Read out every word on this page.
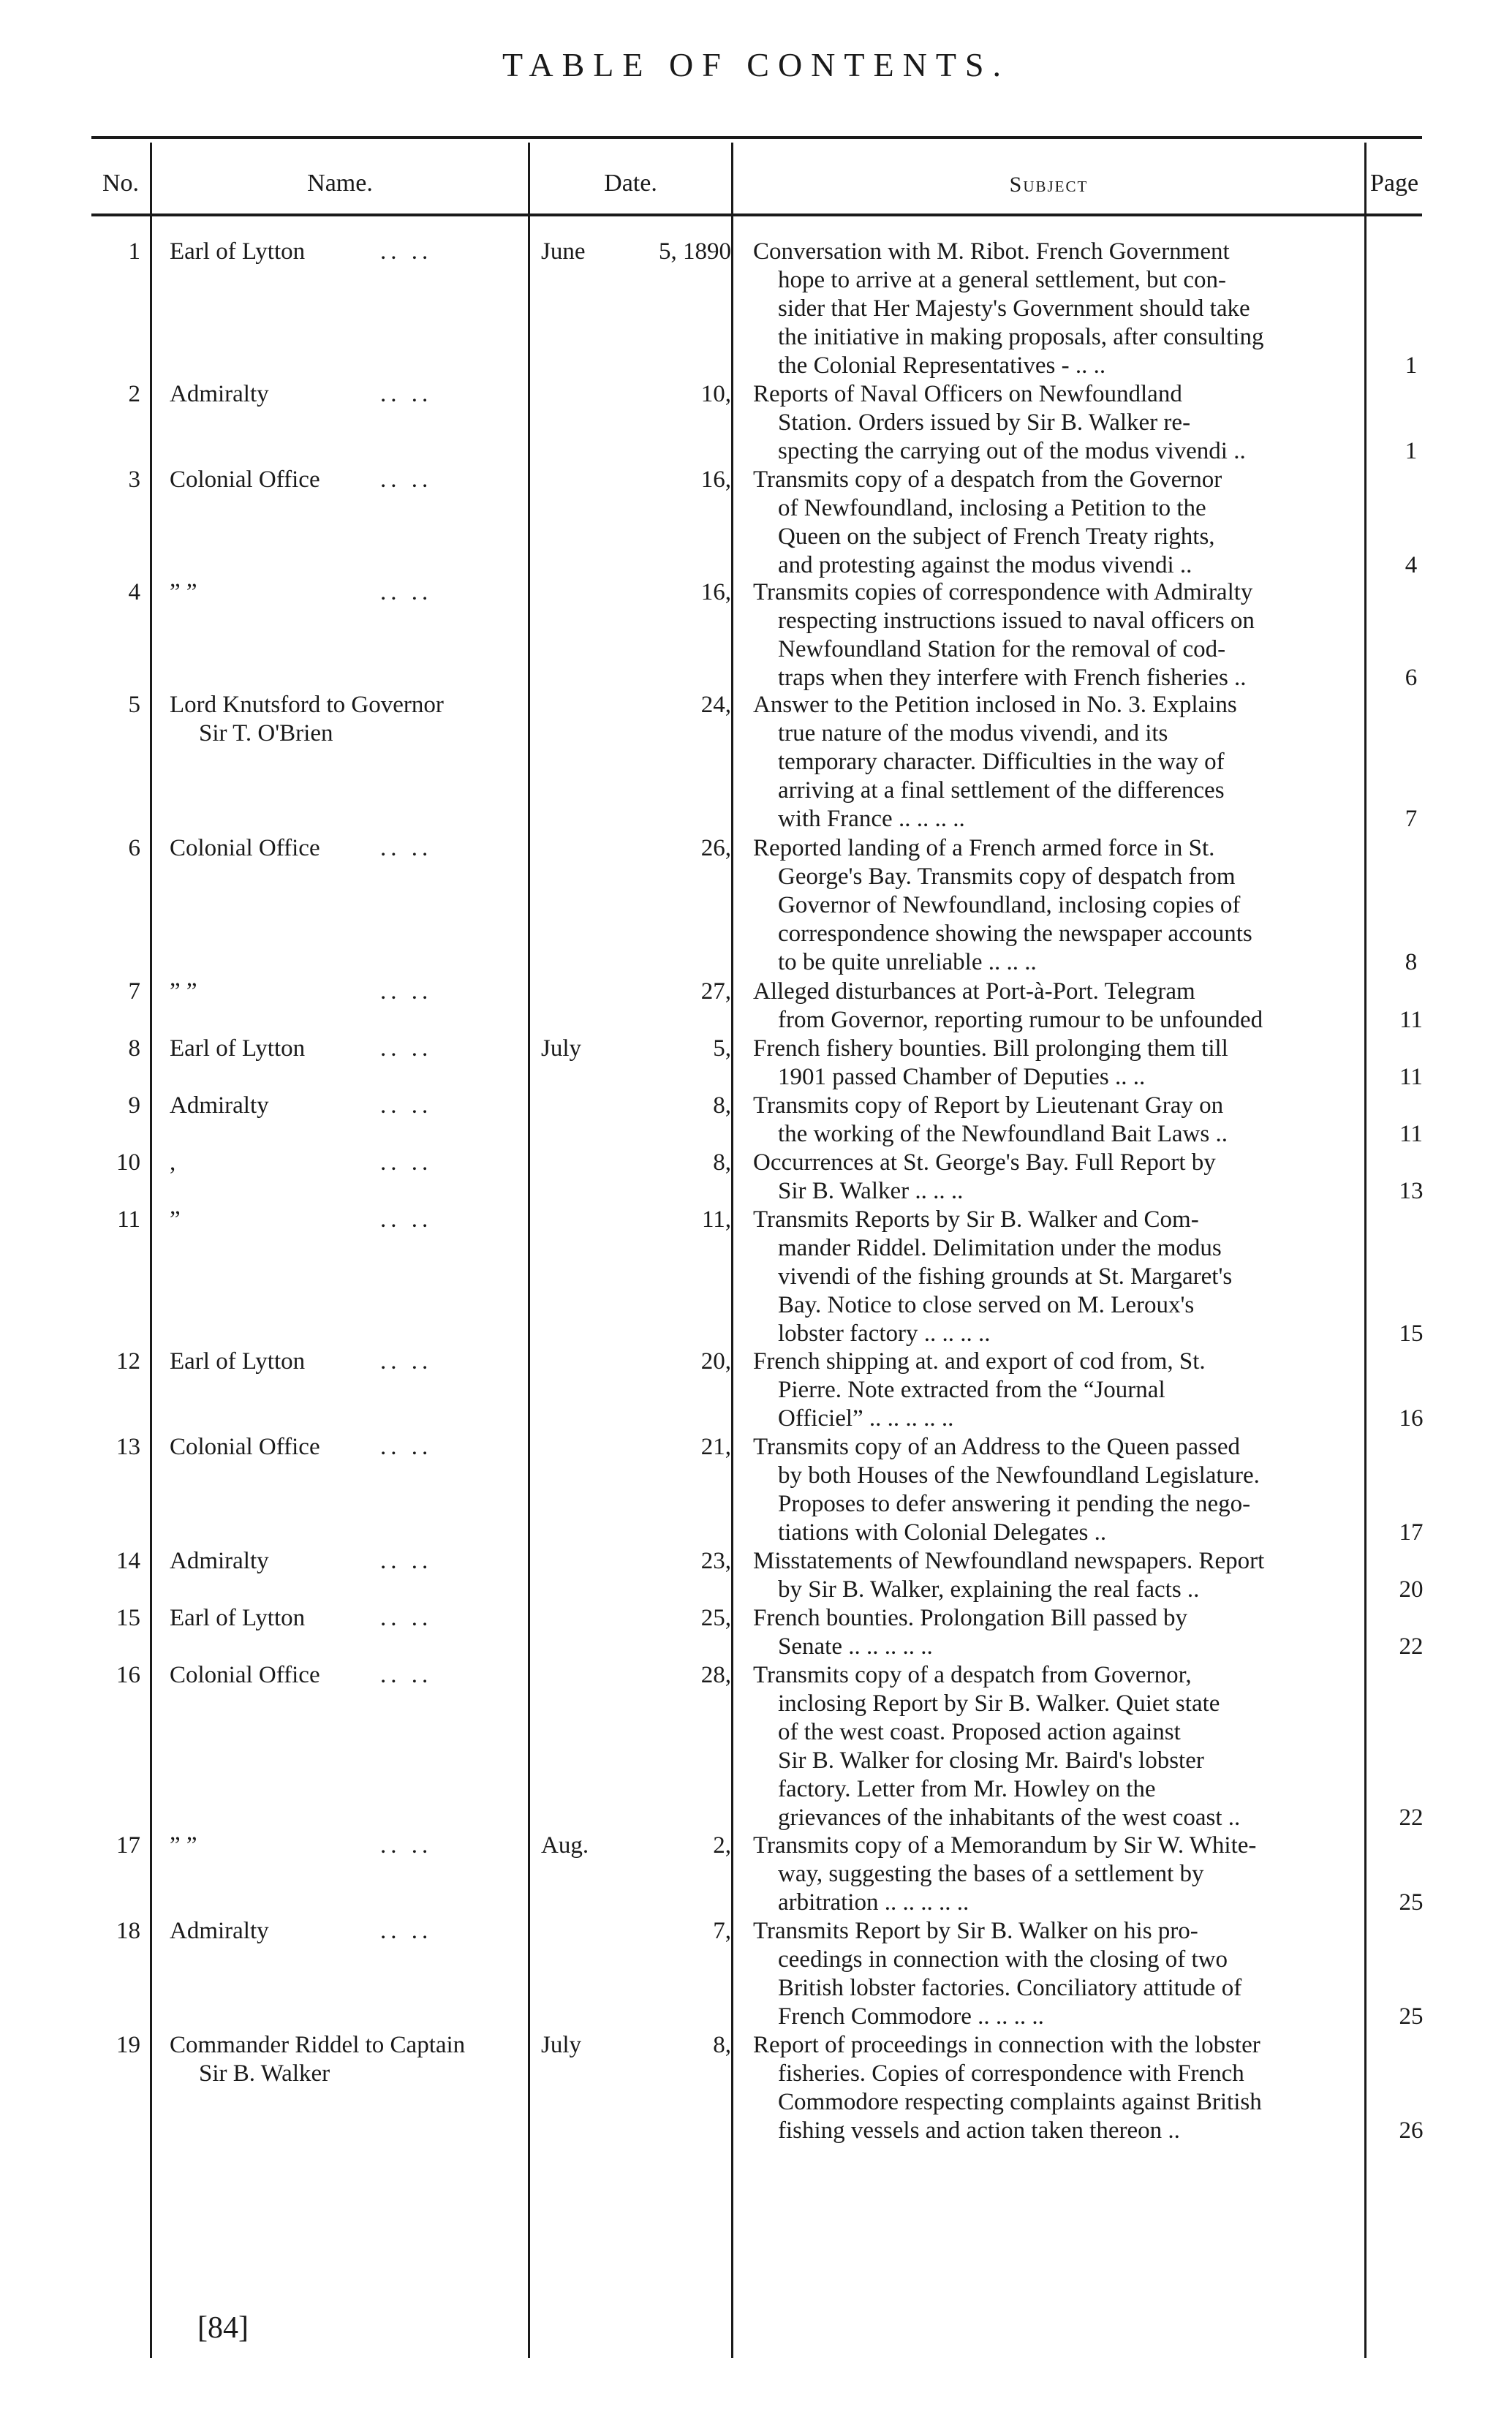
TABLE OF CONTENTS.
No.	Name.	Date.	Subject	Page
1 Earl of Lytton	.. ..	June	5, 1890 Conversation with M. Ribot. French Government
hope to arrive at a general settlement, but con-
sider that Her Majesty's Government should take
the initiative in making proposals, after consulting
the Colonial Representatives - .. ..	1
2 Admiralty	.. ..	10, Reports of Naval Officers on Newfoundland
Station. Orders issued by Sir B. Walker re-
specting the carrying out of the modus vivendi ..	1
3 Colonial Office	.. ..	16, Transmits copy of a despatch from the Governor
of Newfoundland, inclosing a Petition to the
Queen on the subject of French Treaty rights,
and protesting against the modus vivendi ..	4
4 ” ”	.. ..	16, Transmits copies of correspondence with Admiralty
respecting instructions issued to naval officers on
Newfoundland Station for the removal of cod-
traps when they interfere with French fisheries ..	6
5 Lord Knutsford to Governor
Sir T. O'Brien
24, Answer to the Petition inclosed in No. 3. Explains
true nature of the modus vivendi, and its
temporary character. Difficulties in the way of
arriving at a final settlement of the differences
with France .. .. .. ..	7
6 Colonial Office	.. ..	26, Reported landing of a French armed force in St.
George's Bay. Transmits copy of despatch from
Governor of Newfoundland, inclosing copies of
correspondence showing the newspaper accounts
to be quite unreliable .. .. ..	8
7 ” ”	.. ..	27, Alleged disturbances at Port-à-Port. Telegram
from Governor, reporting rumour to be unfounded	11
8 Earl of Lytton	.. ..	July	5, French fishery bounties. Bill prolonging them till
1901 passed Chamber of Deputies .. ..	11
9 Admiralty	.. ..	8, Transmits copy of Report by Lieutenant Gray on
the working of the Newfoundland Bait Laws ..	11
10 ,	.. ..	8, Occurrences at St. George's Bay. Full Report by
Sir B. Walker .. .. ..	13
11 ”	.. ..	11, Transmits Reports by Sir B. Walker and Com-
mander Riddel. Delimitation under the modus
vivendi of the fishing grounds at St. Margaret's
Bay. Notice to close served on M. Leroux's
lobster factory .. .. .. ..	15
12 Earl of Lytton	.. ..	20, French shipping at. and export of cod from, St.
Pierre. Note extracted from the “Journal
Officiel” .. .. .. .. ..	16
13 Colonial Office	.. ..	21, Transmits copy of an Address to the Queen passed
by both Houses of the Newfoundland Legislature.
Proposes to defer answering it pending the nego-
tiations with Colonial Delegates ..	17
14 Admiralty	.. ..	23, Misstatements of Newfoundland newspapers. Report
by Sir B. Walker, explaining the real facts ..	20
15 Earl of Lytton	.. ..	25, French bounties. Prolongation Bill passed by
Senate .. .. .. .. ..	22
16 Colonial Office	.. ..	28, Transmits copy of a despatch from Governor,
inclosing Report by Sir B. Walker. Quiet state
of the west coast. Proposed action against
Sir B. Walker for closing Mr. Baird's lobster
factory. Letter from Mr. Howley on the
grievances of the inhabitants of the west coast ..	22
17 ” ”	.. ..	Aug.	2, Transmits copy of a Memorandum by Sir W. White-
way, suggesting the bases of a settlement by
arbitration .. .. .. .. ..	25
18 Admiralty	.. ..	7, Transmits Report by Sir B. Walker on his pro-
ceedings in connection with the closing of two
British lobster factories. Conciliatory attitude of
French Commodore .. .. .. ..	25
19 Commander Riddel to Captain
Sir B. Walker
July	8, Report of proceedings in connection with the lobster
fisheries. Copies of correspondence with French
Commodore respecting complaints against British
fishing vessels and action taken thereon ..	26
[84]
